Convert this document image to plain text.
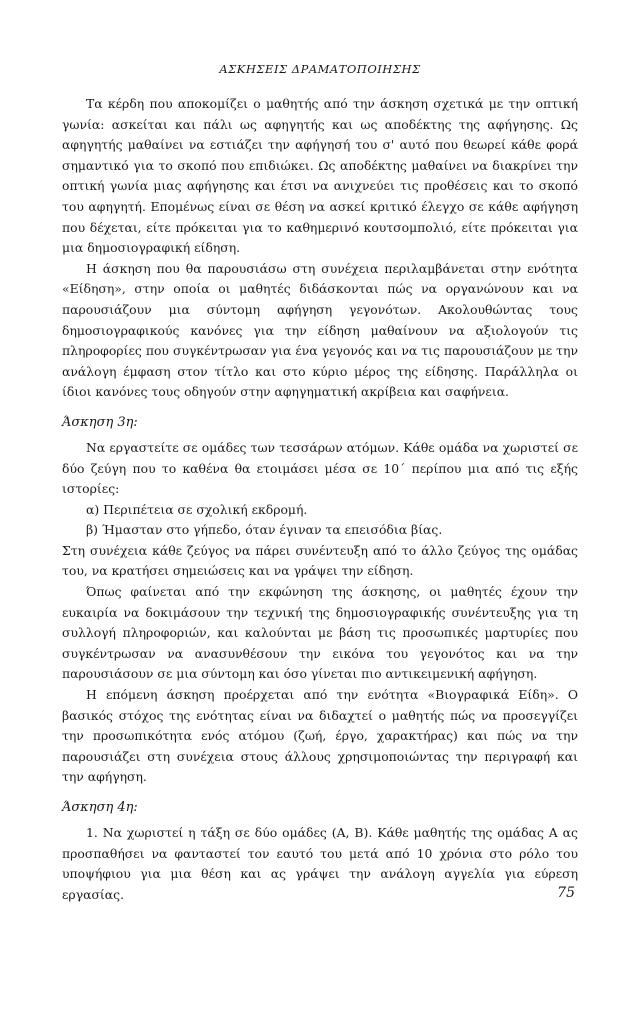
ΑΣΚΗΣΕΙΣ ΔΡΑΜΑΤΟΠΟΙΗΣΗΣ

Τα κέρδη που αποκομίζει ο μαθητής από την άσκηση σχετικά με την οπτική γωνία: ασκείται και πάλι ως αφηγητής και ως αποδέκτης της αφήγησης. Ως αφηγητής μαθαίνει να εστιάζει την αφήγησή του σ' αυτό που θεωρεί κάθε φορά σημαντικό για το σκοπό που επιδιώκει. Ως αποδέκτης μαθαίνει να διακρίνει την οπτική γωνία μιας αφήγησης και έτσι να ανιχνεύει τις προθέσεις και το σκοπό του αφηγητή. Επομένως είναι σε θέση να ασκεί κριτικό έλεγχο σε κάθε αφήγηση που δέχεται, είτε πρόκειται για το καθημερινό κουτσομπολιό, είτε πρόκειται για μια δημοσιογραφική είδηση.

Η άσκηση που θα παρουσιάσω στη συνέχεια περιλαμβάνεται στην ενότητα «Είδηση», στην οποία οι μαθητές διδάσκονται πώς να οργανώνουν και να παρουσιάζουν μια σύντομη αφήγηση γεγονότων. Ακολουθώντας τους δημοσιογραφικούς κανόνες για την είδηση μαθαίνουν να αξιολογούν τις πληροφορίες που συγκέντρωσαν για ένα γεγονός και να τις παρουσιάζουν με την ανάλογη έμφαση στον τίτλο και στο κύριο μέρος της είδησης. Παράλληλα οι ίδιοι κανόνες τους οδηγούν στην αφηγηματική ακρίβεια και σαφήνεια.

Άσκηση 3η:

Να εργαστείτε σε ομάδες των τεσσάρων ατόμων. Κάθε ομάδα να χωριστεί σε δύο ζεύγη που το καθένα θα ετοιμάσει μέσα σε 10΄ περίπου μια από τις εξής ιστορίες:

α) Περιπέτεια σε σχολική εκδρομή.

β) Ήμασταν στο γήπεδο, όταν έγιναν τα επεισόδια βίας.

Στη συνέχεια κάθε ζεύγος να πάρει συνέντευξη από το άλλο ζεύγος της ομάδας του, να κρατήσει σημειώσεις και να γράψει την είδηση.

Όπως φαίνεται από την εκφώνηση της άσκησης, οι μαθητές έχουν την ευκαιρία να δοκιμάσουν την τεχνική της δημοσιογραφικής συνέντευξης για τη συλλογή πληροφοριών, και καλούνται με βάση τις προσωπικές μαρτυρίες που συγκέντρωσαν να ανασυνθέσουν την εικόνα του γεγονότος και να την παρουσιάσουν σε μια σύντομη και όσο γίνεται πιο αντικειμενική αφήγηση.

Η επόμενη άσκηση προέρχεται από την ενότητα «Βιογραφικά Είδη». Ο βασικός στόχος της ενότητας είναι να διδαχτεί ο μαθητής πώς να προσεγγίζει την προσωπικότητα ενός ατόμου (ζωή, έργο, χαρακτήρας) και πώς να την παρουσιάζει στη συνέχεια στους άλλους χρησιμοποιώντας την περιγραφή και την αφήγηση.

Άσκηση 4η:

1. Να χωριστεί η τάξη σε δύο ομάδες (Α, Β). Κάθε μαθητής της ομάδας Α ας προσπαθήσει να φανταστεί τον εαυτό του μετά από 10 χρόνια στο ρόλο του υποψήφιου για μια θέση και ας γράψει την ανάλογη αγγελία για εύρεση εργασίας.	75
